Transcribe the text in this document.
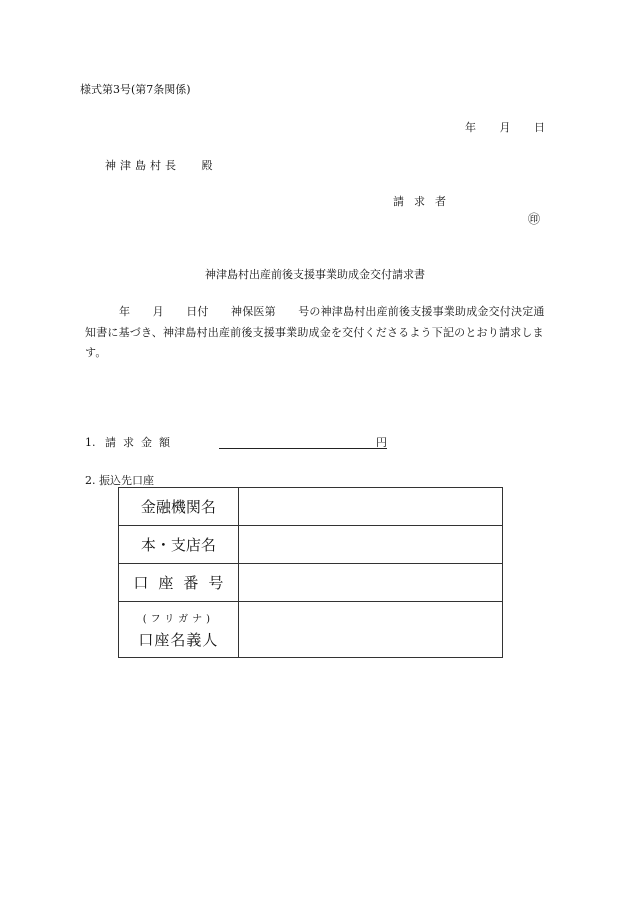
様式第3号(第7条関係)
年 月 日
神津島村長 殿
請求者
㊞
神津島村出産前後支援事業助成金交付請求書
年　　月　　日付　　神保医第　　号の神津島村出産前後支援事業助成金交付決定通知書に基づき、神津島村出産前後支援事業助成金を交付くださるよう下記のとおり請求します。
1. 請求金額	円
2. 振込先口座
金融機関名	
本・支店名	
口座番号	

(フリガナ)
口座名義人	
